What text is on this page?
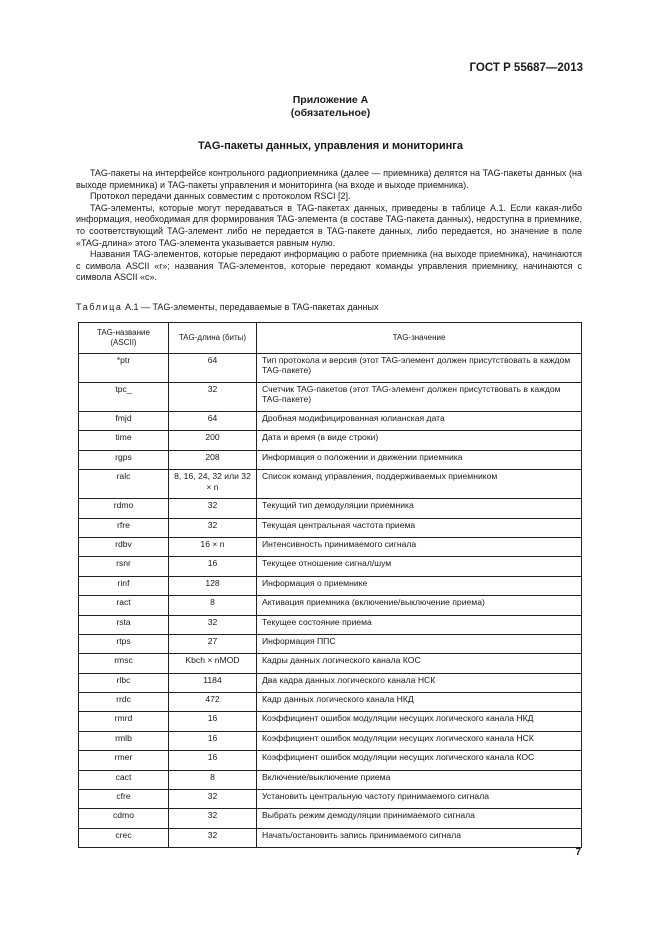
ГОСТ Р 55687—2013
Приложение А
(обязательное)
TAG-пакеты данных, управления и мониторинга

TAG-пакеты на интерфейсе контрольного радиоприемника (далее — приемника) делятся на TAG-пакеты данных (на выходе приемника) и TAG-пакеты управления и мониторинга (на входе и выходе приемника).

Протокол передачи данных совместим с протоколом RSCI [2].

TAG-элементы, которые могут передаваться в TAG-пакетах данных, приведены в таблице А.1. Если какая-либо информация, необходимая для формирования TAG-элемента (в составе TAG-пакета данных), недоступна в приемнике, то соответствующий TAG-элемент либо не передается в TAG-пакете данных, либо передается, но значение в поле «TAG-длина» этого TAG-элемента указывается равным нулю.

Названия TAG-элементов, которые передают информацию о работе приемника (на выходе приемника), начинаются с символа ASCII «r»; названия TAG-элементов, которые передают команды управления приемнику, начинаются с символа ASCII «c».

Таблица А.1 — TAG-элементы, передаваемые в TAG-пакетах данных
TAG-название (ASCII)	TAG-длина (биты)	TAG-значение
*ptr	64	Тип протокола и версия (этот TAG-элемент должен присутствовать в каждом TAG-пакете)
tpc_	32	Счетчик TAG-пакетов (этот TAG-элемент должен присутствовать в каждом TAG-пакете)
fmjd	64	Дробная модифицированная юлианская дата
time	200	Дата и время (в виде строки)
rgps	208	Информация о положении и движении приемника
ralc	8, 16, 24, 32 или 32 × n	Список команд управления, поддерживаемых приемником
rdmo	32	Текущий тип демодуляции приемника
rfre	32	Текущая центральная частота приема
rdbv	16 × n	Интенсивность принимаемого сигнала
rsnr	16	Текущее отношение сигнал/шум
rinf	128	Информация о приемнике
ract	8	Активация приемника (включение/выключение приема)
rsta	32	Текущее состояние приема
rtps	27	Информация ППС
rmsc	Kbch × nMOD	Кадры данных логического канала КОС
rlbc	1184	Два кадра данных логического канала НСК
rrdc	472	Кадр данных логического канала НКД
rmrd	16	Коэффициент ошибок модуляции несущих логического канала НКД
rmlb	16	Коэффициент ошибок модуляции несущих логического канала НСК
rmer	16	Коэффициент ошибок модуляции несущих логического канала КОС
cact	8	Включение/выключение приема
cfre	32	Установить центральную частоту принимаемого сигнала
cdmo	32	Выбрать режим демодуляции принимаемого сигнала
crec	32	Начать/остановить запись принимаемого сигнала
7
